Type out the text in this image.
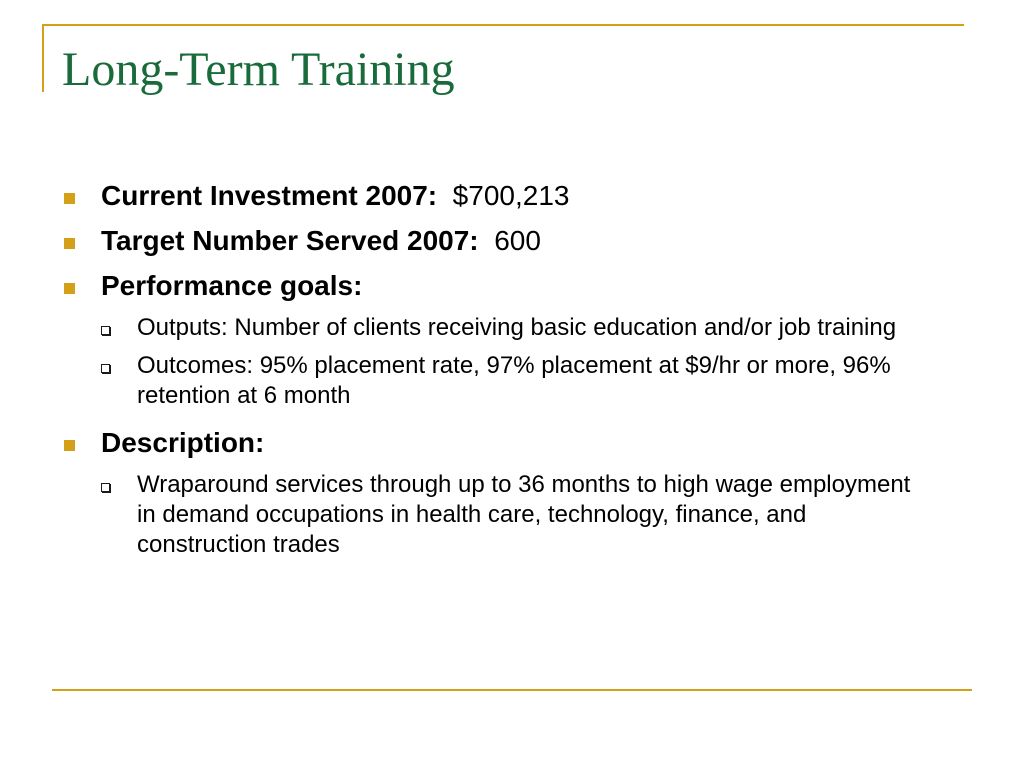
Long-Term Training
Current Investment 2007: $700,213
Target Number Served 2007: 600
Performance goals:
Outputs: Number of clients receiving basic education and/or job training
Outcomes: 95% placement rate, 97% placement at $9/hr or more, 96% retention at 6 month
Description:
Wraparound services through up to 36 months to high wage employment in demand occupations in health care, technology, finance, and construction trades
